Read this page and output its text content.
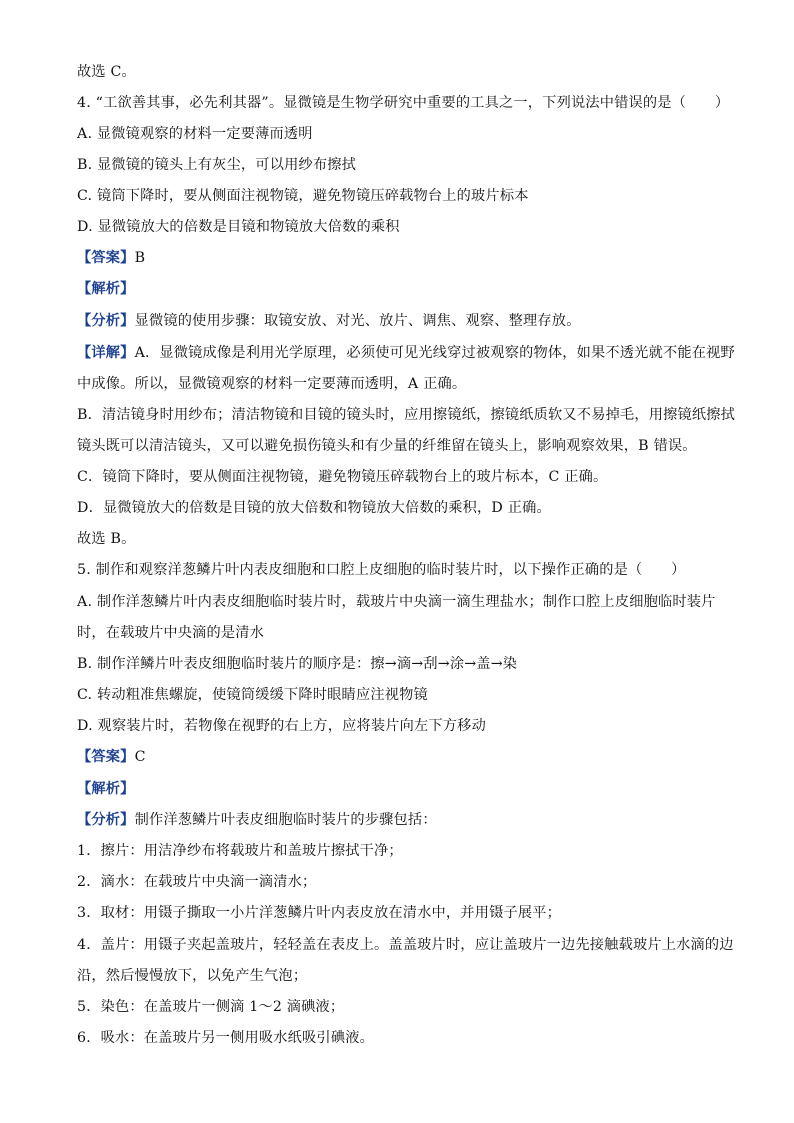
故选 C。
4. “工欲善其事，必先利其器”。显微镜是生物学研究中重要的工具之一，下列说法中错误的是（　　）
A. 显微镜观察的材料一定要薄而透明
B. 显微镜的镜头上有灰尘，可以用纱布擦拭
C. 镜筒下降时，要从侧面注视物镜，避免物镜压碎载物台上的玻片标本
D. 显微镜放大的倍数是目镜和物镜放大倍数的乘积
【答案】B
【解析】
【分析】显微镜的使用步骤：取镜安放、对光、放片、调焦、观察、整理存放。
【详解】A．显微镜成像是利用光学原理，必须使可见光线穿过被观察的物体，如果不透光就不能在视野
中成像。所以，显微镜观察的材料一定要薄而透明，A 正确。
B．清洁镜身时用纱布；清洁物镜和目镜的镜头时，应用擦镜纸，擦镜纸质软又不易掉毛，用擦镜纸擦拭
镜头既可以清洁镜头，又可以避免损伤镜头和有少量的纤维留在镜头上，影响观察效果，B 错误。
C．镜筒下降时，要从侧面注视物镜，避免物镜压碎载物台上的玻片标本，C 正确。
D．显微镜放大的倍数是目镜的放大倍数和物镜放大倍数的乘积，D 正确。
故选 B。
5. 制作和观察洋葱鳞片叶内表皮细胞和口腔上皮细胞的临时装片时，以下操作正确的是（　　）
A. 制作洋葱鳞片叶内表皮细胞临时装片时，载玻片中央滴一滴生理盐水；制作口腔上皮细胞临时装片
时，在载玻片中央滴的是清水
B. 制作洋鳞片叶表皮细胞临时装片的顺序是：擦→滴→刮→涂→盖→染
C. 转动粗准焦螺旋，使镜筒缓缓下降时眼睛应注视物镜
D. 观察装片时，若物像在视野的右上方，应将装片向左下方移动
【答案】C
【解析】
【分析】制作洋葱鳞片叶表皮细胞临时装片的步骤包括：
1．擦片：用洁净纱布将载玻片和盖玻片擦拭干净；
2．滴水：在载玻片中央滴一滴清水；
3．取材：用镊子撕取一小片洋葱鳞片叶内表皮放在清水中，并用镊子展平；
4．盖片：用镊子夹起盖玻片，轻轻盖在表皮上。盖盖玻片时，应让盖玻片一边先接触载玻片上水滴的边
沿，然后慢慢放下，以免产生气泡；
5．染色：在盖玻片一侧滴 1～2 滴碘液；
6．吸水：在盖玻片另一侧用吸水纸吸引碘液。
